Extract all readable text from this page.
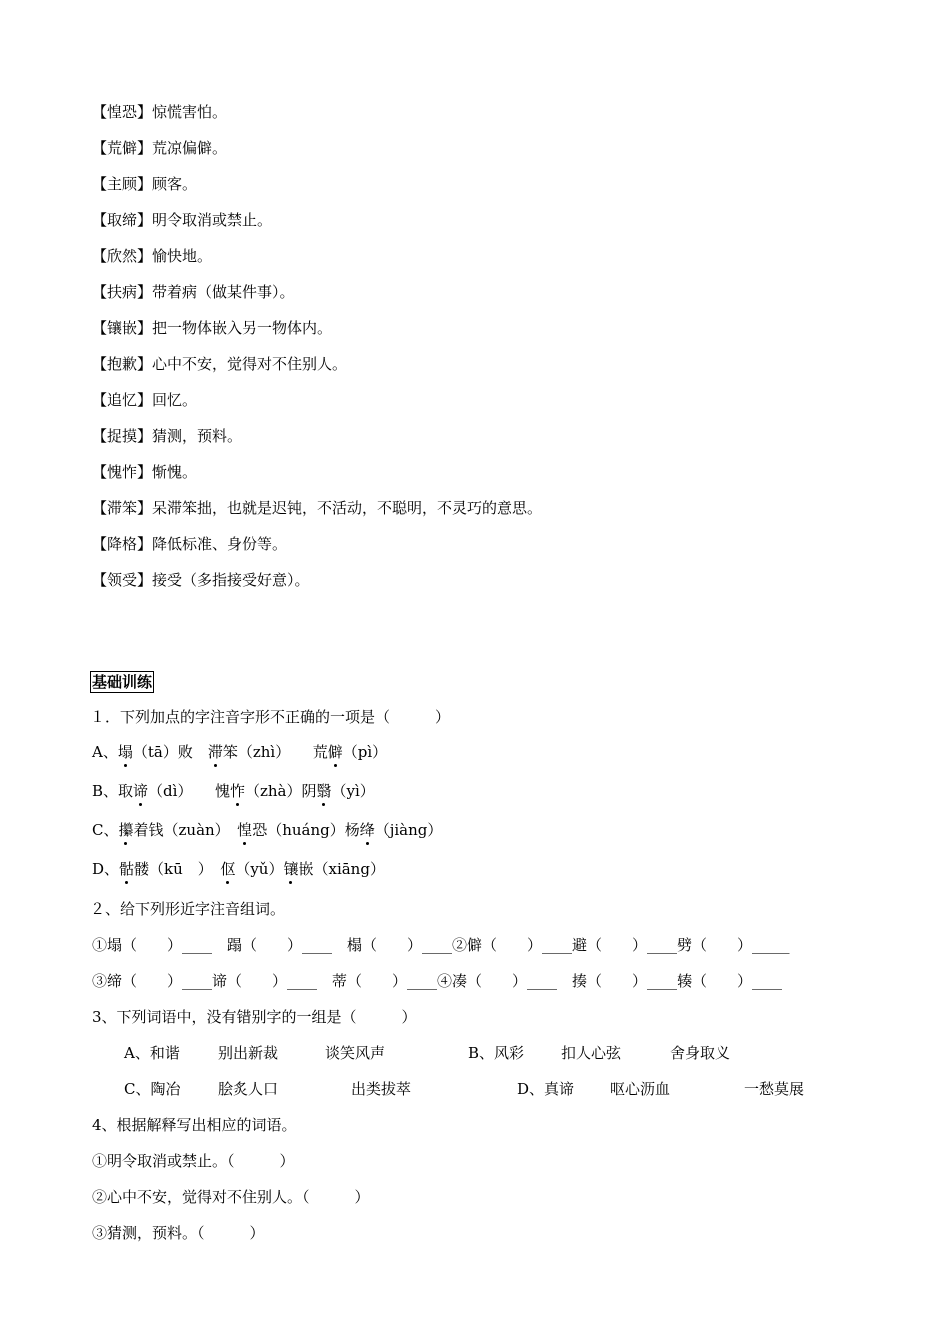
【惶恐】惊慌害怕。
【荒僻】荒凉偏僻。
【主顾】顾客。
【取缔】明令取消或禁止。
【欣然】愉快地。
【扶病】带着病（做某件事）。
【镶嵌】把一物体嵌入另一物体内。
【抱歉】心中不安，觉得对不住别人。
【追忆】回忆。
【捉摸】猜测，预料。
【愧怍】惭愧。
【滞笨】呆滞笨拙，也就是迟钝，不活动，不聪明，不灵巧的意思。
【降格】降低标准、身份等。
【领受】接受（多指接受好意）。
基础训练
１．下列加点的字注音字形不正确的一项是（　　　）
A、塌（tā）败　滞笨（zhì）　　荒僻（pì）
B、取谛（dì）　　愧怍（zhà）阴翳（yì）
C、攥着钱（zuàn）　惶恐（huáng）杨绛（jiàng）
D、骷髅（kū　）　伛（yǔ）镶嵌（xiāng）
２、给下列形近字注音组词。
①塌（　　）____　蹋（　　）____　榻（　　）____②僻（　　）____避（　　）____劈（　　）_____
③缔（　　）____谛（　　）____　蒂（　　）____④凑（　　）____　揍（　　）____辏（　　）____
3、下列词语中，没有错别字的一组是（　　　）
A、和谐	别出新裁	谈笑风声	B、风彩 扣人心弦	舍身取义
C、陶冶	脍炙人口	出类拔萃	D、真谛 呕心沥血	一愁莫展
4、根据解释写出相应的词语。
①明令取消或禁止。（　　　）
②心中不安，觉得对不住别人。（　　　）
③猜测，预料。（　　　）
